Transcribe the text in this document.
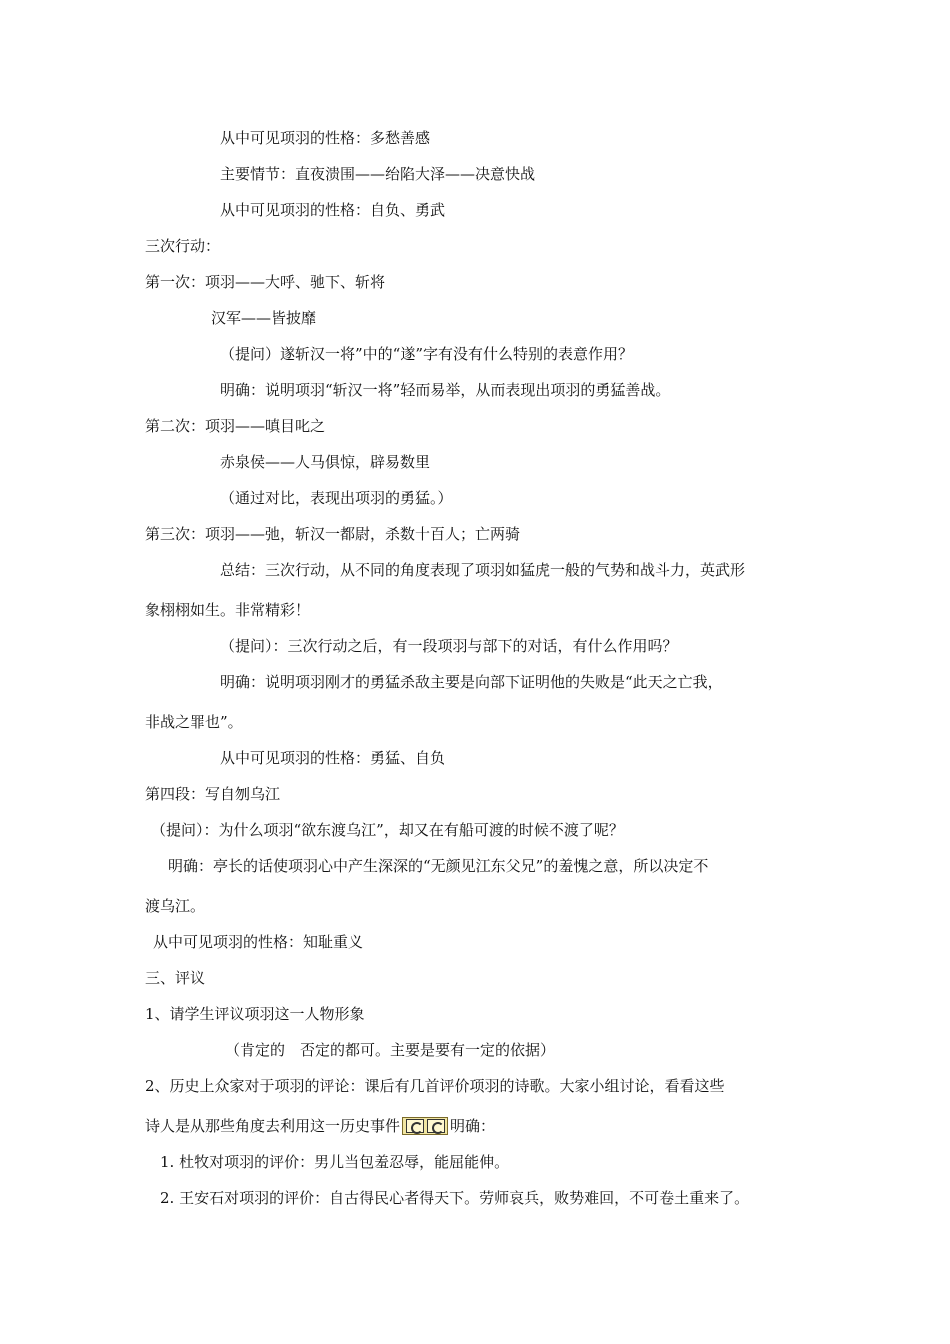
从中可见项羽的性格：多愁善感
主要情节：直夜溃围——绐陷大泽——决意快战
从中可见项羽的性格：自负、勇武
三次行动：
第一次：项羽——大呼、驰下、斩将
汉军——皆披靡
（提问）遂斩汉一将”中的“遂”字有没有什么特别的表意作用？
明确：说明项羽“斩汉一将”轻而易举，从而表现出项羽的勇猛善战。
第二次：项羽——嗔目叱之
赤泉侯——人马俱惊，辟易数里
（通过对比，表现出项羽的勇猛。）
第三次：项羽——弛，斩汉一都尉，杀数十百人；亡两骑
总结：三次行动，从不同的角度表现了项羽如猛虎一般的气势和战斗力，英武形
象栩栩如生。非常精彩！
（提问）：三次行动之后，有一段项羽与部下的对话，有什么作用吗？
明确：说明项羽刚才的勇猛杀敌主要是向部下证明他的失败是“此天之亡我，
非战之罪也”。
从中可见项羽的性格：勇猛、自负
第四段：写自刎乌江
（提问）：为什么项羽“欲东渡乌江”，却又在有船可渡的时候不渡了呢？
明确：亭长的话使项羽心中产生深深的“无颜见江东父兄”的羞愧之意，所以决定不
渡乌江。
从中可见项羽的性格：知耻重义
三、评议
1、请学生评议项羽这一人物形象
（肯定的　否定的都可。主要是要有一定的依据）
2、历史上众家对于项羽的评论：课后有几首评价项羽的诗歌。大家小组讨论，看看这些
诗人是从那些角度去利用这一历史事件	明确：
1. 杜牧对项羽的评价：男儿当包羞忍辱，能屈能伸。
2. 王安石对项羽的评价：自古得民心者得天下。劳师哀兵，败势难回，不可卷土重来了。
